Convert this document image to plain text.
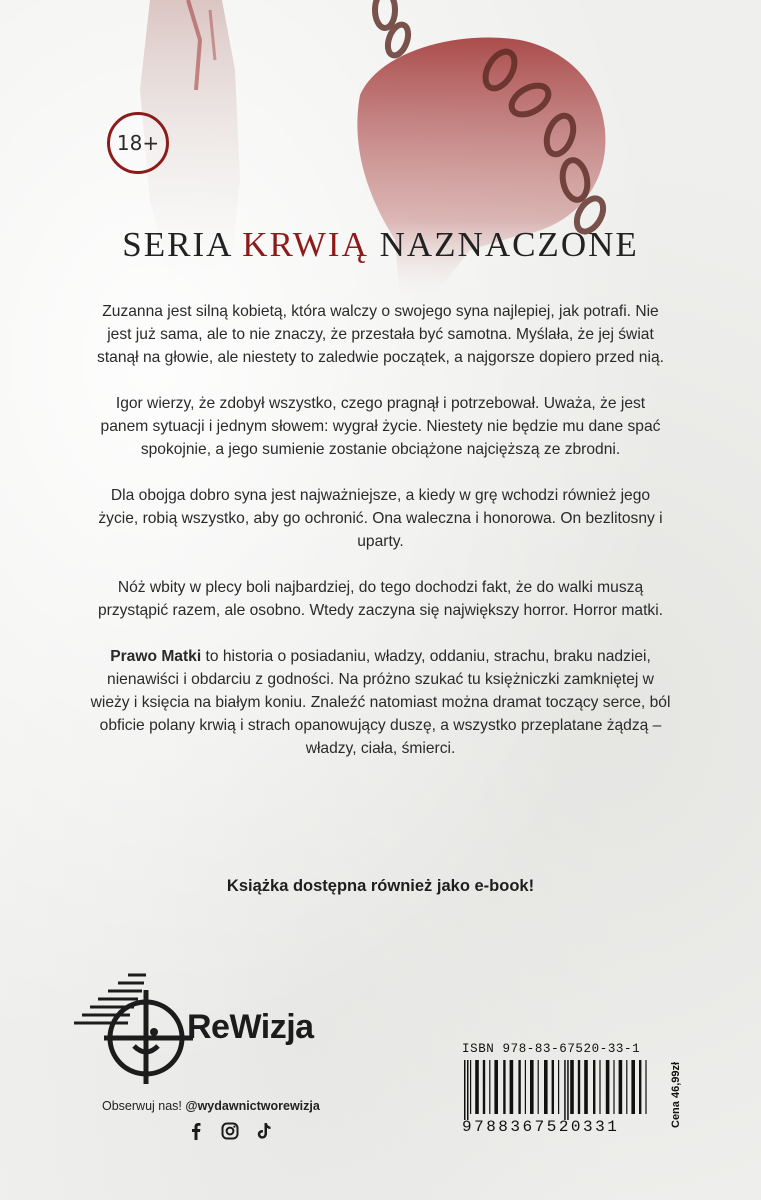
18+
SERIA KRWIĄ NAZNACZONE

Zuzanna jest silną kobietą, która walczy o swojego syna najlepiej, jak potrafi. Nie jest już sama, ale to nie znaczy, że przestała być samotna. Myślała, że jej świat stanął na głowie, ale niestety to zaledwie początek, a najgorsze dopiero przed nią.

Igor wierzy, że zdobył wszystko, czego pragnął i potrzebował. Uważa, że jest panem sytuacji i jednym słowem: wygrał życie. Niestety nie będzie mu dane spać spokojnie, a jego sumienie zostanie obciążone najcięższą ze zbrodni.

Dla obojga dobro syna jest najważniejsze, a kiedy w grę wchodzi również jego życie, robią wszystko, aby go ochronić. Ona waleczna i honorowa. On bezlitosny i uparty.

Nóż wbity w plecy boli najbardziej, do tego dochodzi fakt, że do walki muszą przystąpić razem, ale osobno. Wtedy zaczyna się największy horror. Horror matki.

Prawo Matki to historia o posiadaniu, władzy, oddaniu, strachu, braku nadziei, nienawiści i obdarciu z godności. Na próżno szukać tu księżniczki zamkniętej w wieży i księcia na białym koniu. Znaleźć natomiast można dramat toczący serce, ból obficie polany krwią i strach opanowujący duszę, a wszystko przeplatane żądzą – władzy, ciała, śmierci.

Książka dostępna również jako e-book!
ReWizja
Obserwuj nas! @wydawnictworewizja
ISBN 978-83-67520-33-1
9788367520331	Cena 46,99zł
